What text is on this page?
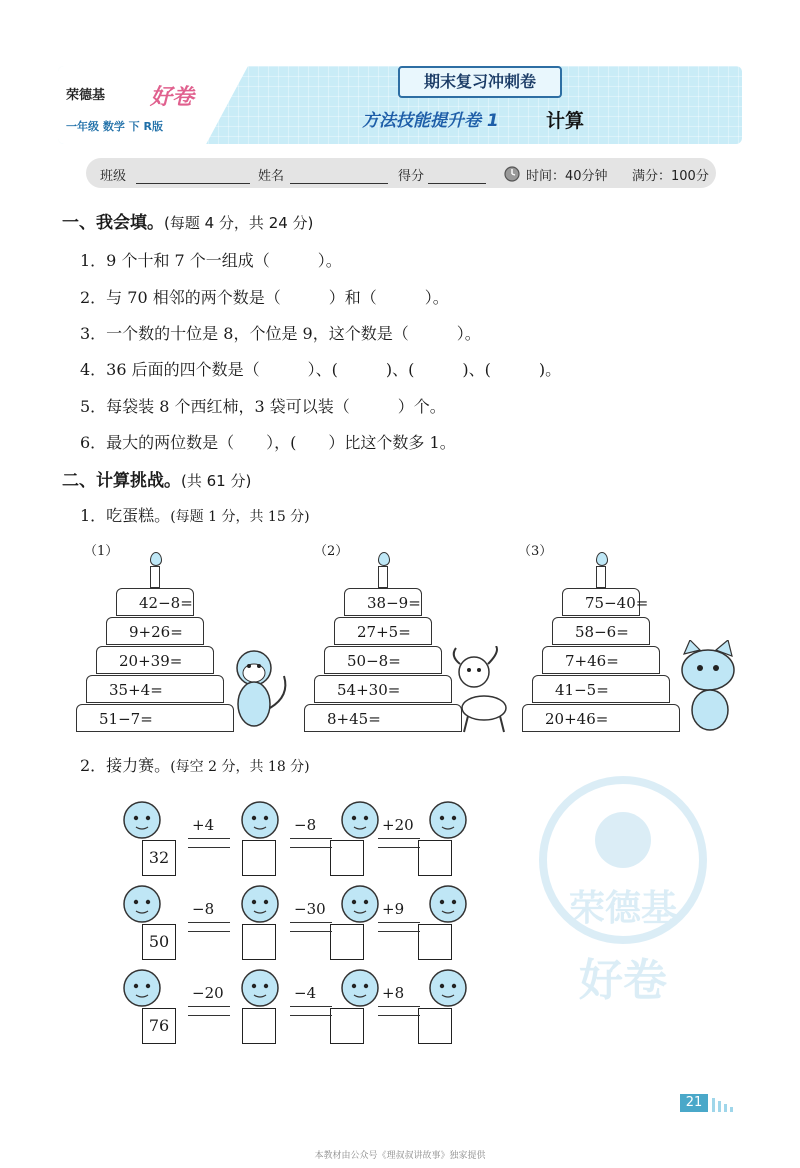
荣德基 好卷
一年级 数学 下 R版
期末复习冲刺卷
方法技能提升卷 1 计算
班级	姓名	得分	时间：40分钟 满分：100分
一、我会填。(每题 4 分，共 24 分)
1．9 个十和 7 个一组成（　　　）。
2．与 70 相邻的两个数是（　　　）和（　　　）。
3．一个数的十位是 8，个位是 9，这个数是（　　　）。
4．36 后面的四个数是（　　　）、(　　　)、(　　　)、(　　　)。
5．每袋装 8 个西红柿，3 袋可以装（　　　）个。
6．最大的两位数是（　　），(　　）比这个数多 1。
二、计算挑战。(共 61 分)
1．吃蛋糕。(每题 1 分，共 15 分)
（1）
42−8=
9+26=
20+39=
35+4=
51−7=
（2）
38−9=
27+5=
50−8=
54+30=
8+45=
（3）
75−40=
58−6=
7+46=
41−5=
20+46=
2．接力赛。(每空 2 分，共 18 分)
32
+4	−8	+20
50
−8	−30	+9
76
−20	−4	+8
荣德基
好卷
21
本教材由公众号《理叔叔讲故事》独家提供
